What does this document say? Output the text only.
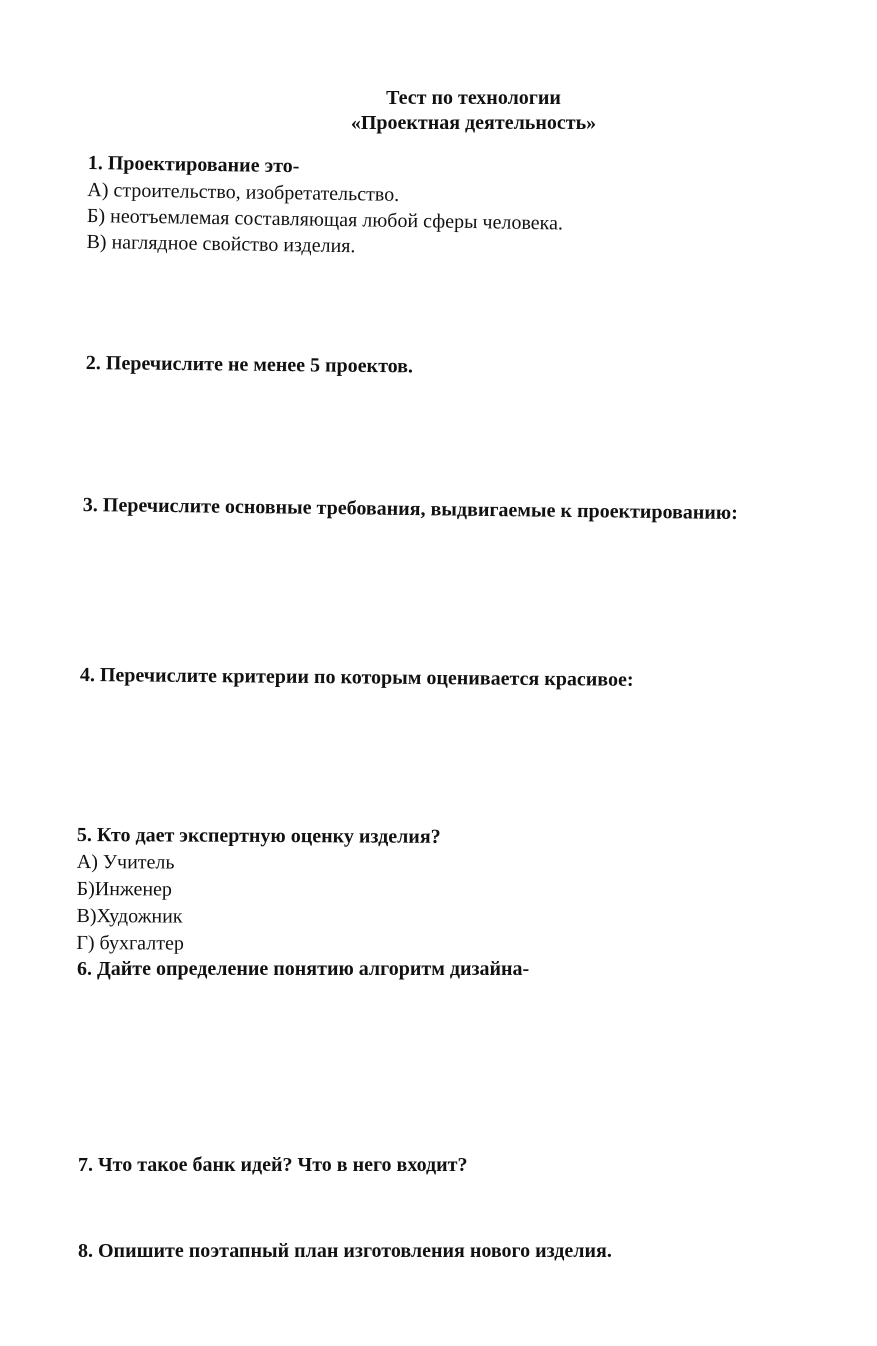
Тест по технологии
«Проектная деятельность»
1. Проектирование это-
А) строительство, изобретательство.
Б) неотъемлемая составляющая любой сферы человека.
В) наглядное свойство изделия.
2. Перечислите не менее 5 проектов.
3. Перечислите основные требования, выдвигаемые к проектированию:
4. Перечислите критерии по которым оценивается красивое:
5. Кто дает экспертную оценку изделия?
А) Учитель
Б)Инженер
В)Художник
Г) бухгалтер
6. Дайте определение понятию алгоритм дизайна-
7. Что такое банк идей? Что в него входит?
8. Опишите поэтапный план изготовления нового изделия.
